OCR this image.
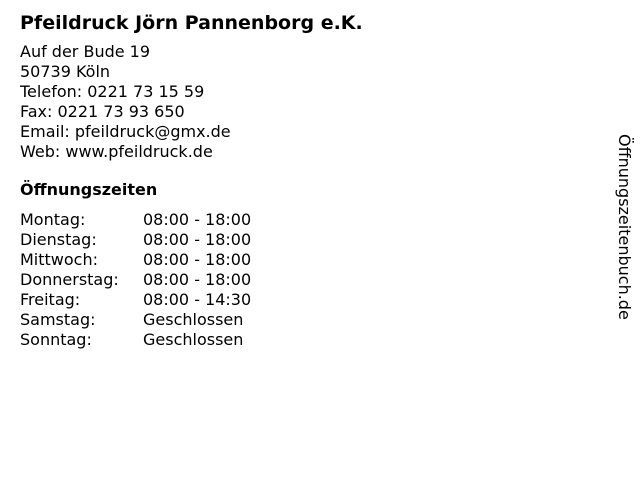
Pfeildruck Jörn Pannenborg e.K.
Auf der Bude 19
50739 Köln
Telefon: 0221 73 15 59
Fax: 0221 73 93 650
Email: pfeildruck@gmx.de
Web: www.pfeildruck.de
Öffnungszeiten
Montag:	08:00 - 18:00
Dienstag:	08:00 - 18:00
Mittwoch:	08:00 - 18:00
Donnerstag:	08:00 - 18:00
Freitag:	08:00 - 14:30
Samstag:	Geschlossen
Sonntag:	Geschlossen
Öffnungszeitenbuch.de
